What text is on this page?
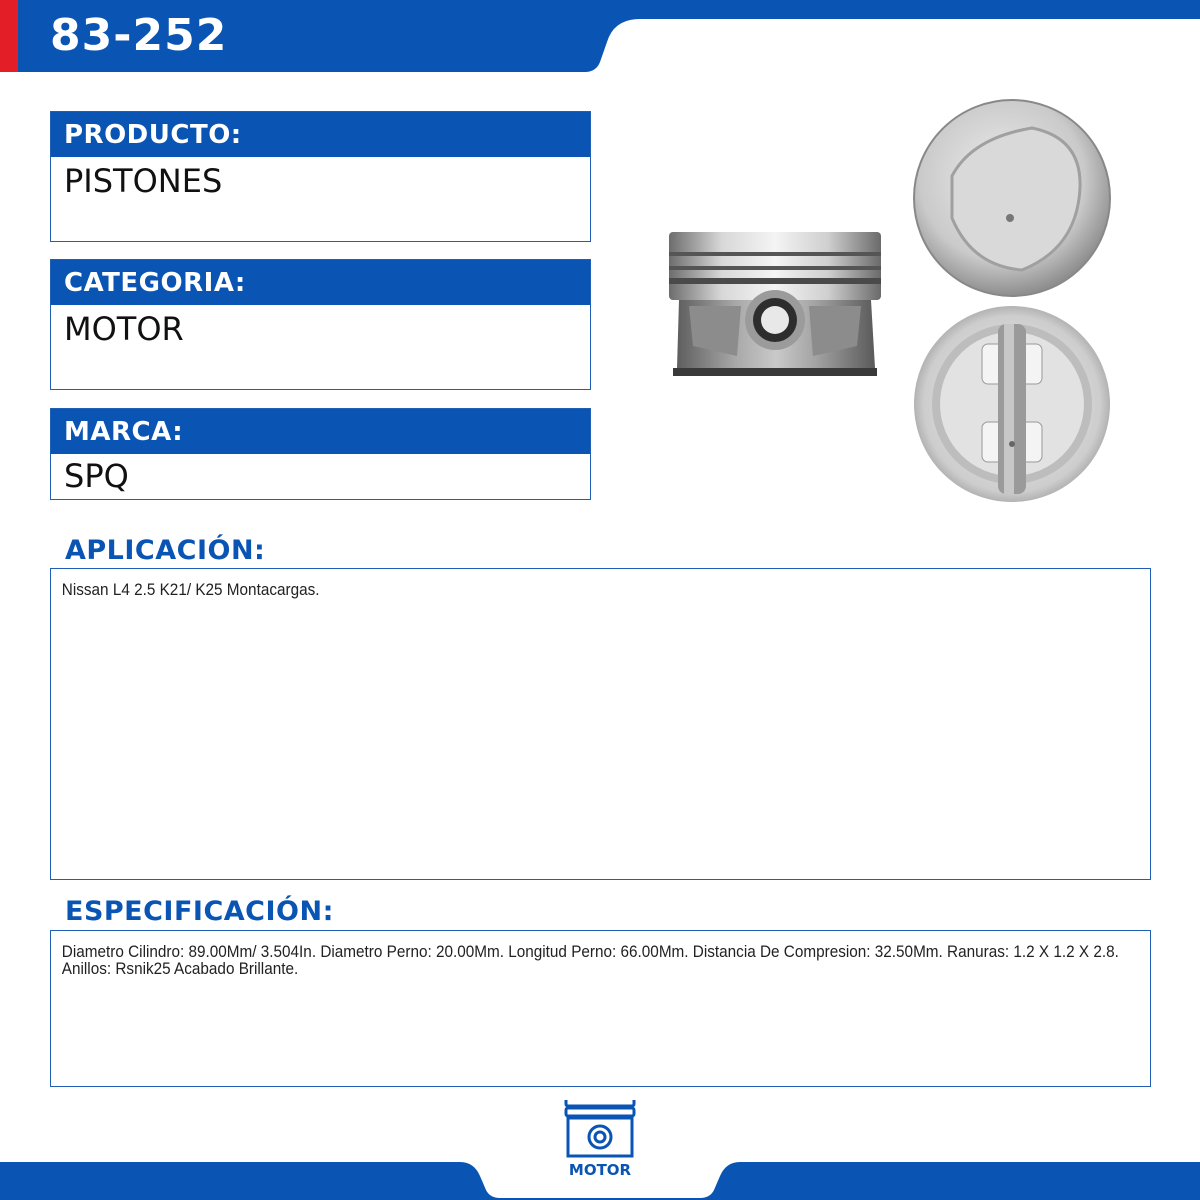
83-252
PRODUCTO:
PISTONES
CATEGORIA:
MOTOR
MARCA:
SPQ
APLICACIÓN:
Nissan L4 2.5 K21/ K25 Montacargas.
ESPECIFICACIÓN:
Diametro Cilindro: 89.00Mm/ 3.504In. Diametro Perno: 20.00Mm. Longitud Perno: 66.00Mm. Distancia De Compresion: 32.50Mm. Ranuras: 1.2 X 1.2 X 2.8. Anillos: Rsnik25 Acabado Brillante.
MOTOR
